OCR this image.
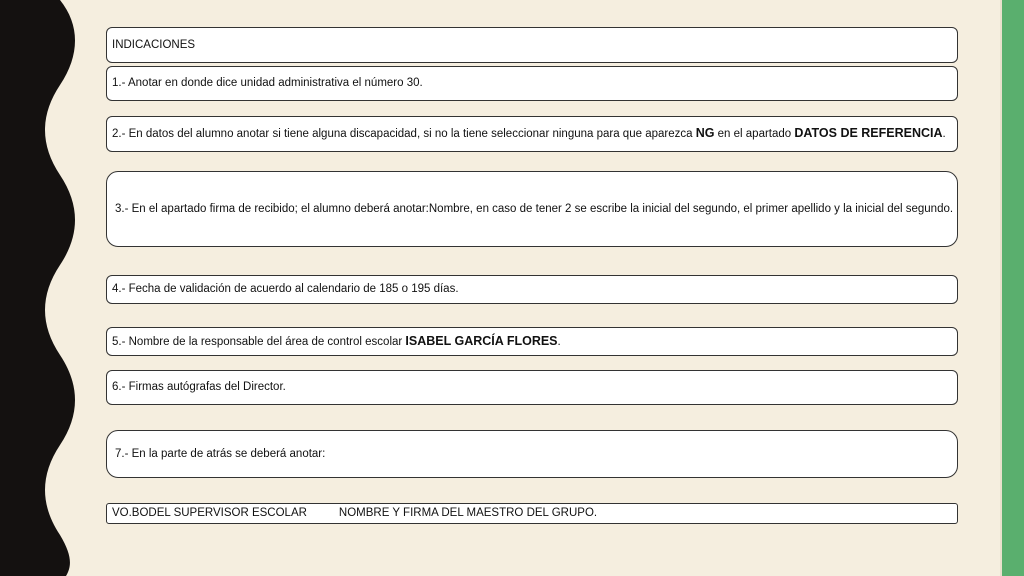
INDICACIONES
1.- Anotar en donde dice unidad administrativa el número 30.
2.- En datos del alumno anotar si tiene alguna discapacidad, si no la tiene seleccionar ninguna para que aparezca NG en el apartado DATOS DE REFERENCIA.
3.- En el apartado firma de recibido; el alumno deberá anotar:Nombre, en caso de tener 2 se escribe la inicial del segundo, el primer apellido y la inicial del segundo.
4.- Fecha de validación de acuerdo al calendario de 185 o 195 días.
5.- Nombre de la responsable del área de control escolar ISABEL GARCÍA FLORES.
6.- Firmas autógrafas del Director.
7.- En la parte de atrás se deberá anotar:
VO.BODEL SUPERVISOR ESCOLAR	NOMBRE Y FIRMA DEL MAESTRO DEL GRUPO.
